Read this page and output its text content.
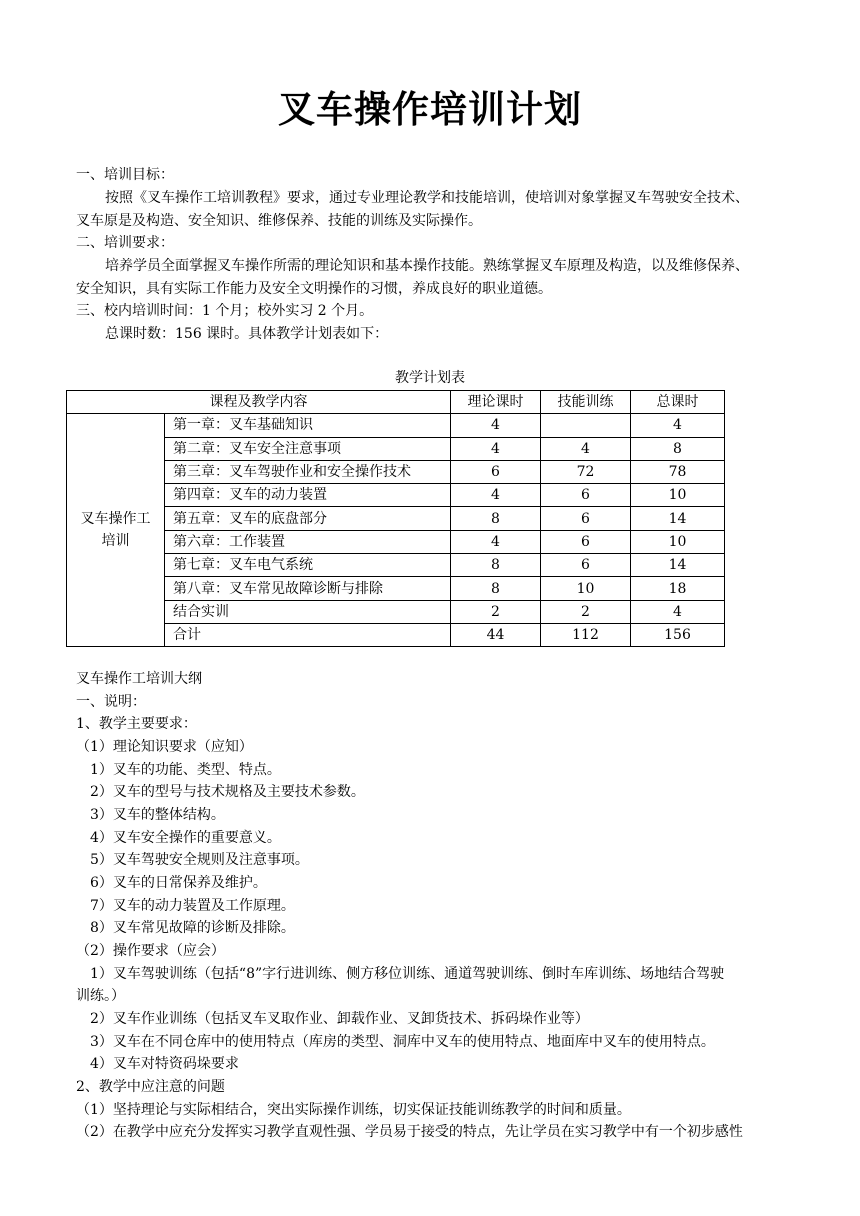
叉车操作培训计划
一、培训目标：
按照《叉车操作工培训教程》要求，通过专业理论教学和技能培训，使培训对象掌握叉车驾驶安全技术、
叉车原是及构造、安全知识、维修保养、技能的训练及实际操作。
二、培训要求：
培养学员全面掌握叉车操作所需的理论知识和基本操作技能。熟练掌握叉车原理及构造，以及维修保养、
安全知识，具有实际工作能力及安全文明操作的习惯，养成良好的职业道德。
三、校内培训时间：1 个月；校外实习 2 个月。
总课时数：156 课时。具体教学计划表如下：
教学计划表
课程及教学内容		理论课时	技能训练	总课时
叉车操作工
培训	第一章：叉车基础知识	4		4
	第二章：叉车安全注意事项	4	4	8
	第三章：叉车驾驶作业和安全操作技术	6	72	78
	第四章：叉车的动力装置	4	6	10
	第五章：叉车的底盘部分	8	6	14
	第六章：工作装置	4	6	10
	第七章：叉车电气系统	8	6	14
	第八章：叉车常见故障诊断与排除	8	10	18
	结合实训	2	2	4
	合计	44	112	156
叉车操作工培训大纲
一、说明：
1、教学主要要求：
（1）理论知识要求（应知）
1）叉车的功能、类型、特点。
2）叉车的型号与技术规格及主要技术参数。
3）叉车的整体结构。
4）叉车安全操作的重要意义。
5）叉车驾驶安全规则及注意事项。
6）叉车的日常保养及维护。
7）叉车的动力装置及工作原理。
8）叉车常见故障的诊断及排除。
（2）操作要求（应会）
1）叉车驾驶训练（包括“8”字行进训练、侧方移位训练、通道驾驶训练、倒时车库训练、场地结合驾驶
训练。）
2）叉车作业训练（包括叉车叉取作业、卸载作业、叉卸货技术、拆码垛作业等）
3）叉车在不同仓库中的使用特点（库房的类型、洞库中叉车的使用特点、地面库中叉车的使用特点。
4）叉车对特资码垛要求
2、教学中应注意的问题
（1）坚持理论与实际相结合，突出实际操作训练，切实保证技能训练教学的时间和质量。
（2）在教学中应充分发挥实习教学直观性强、学员易于接受的特点，先让学员在实习教学中有一个初步感性
